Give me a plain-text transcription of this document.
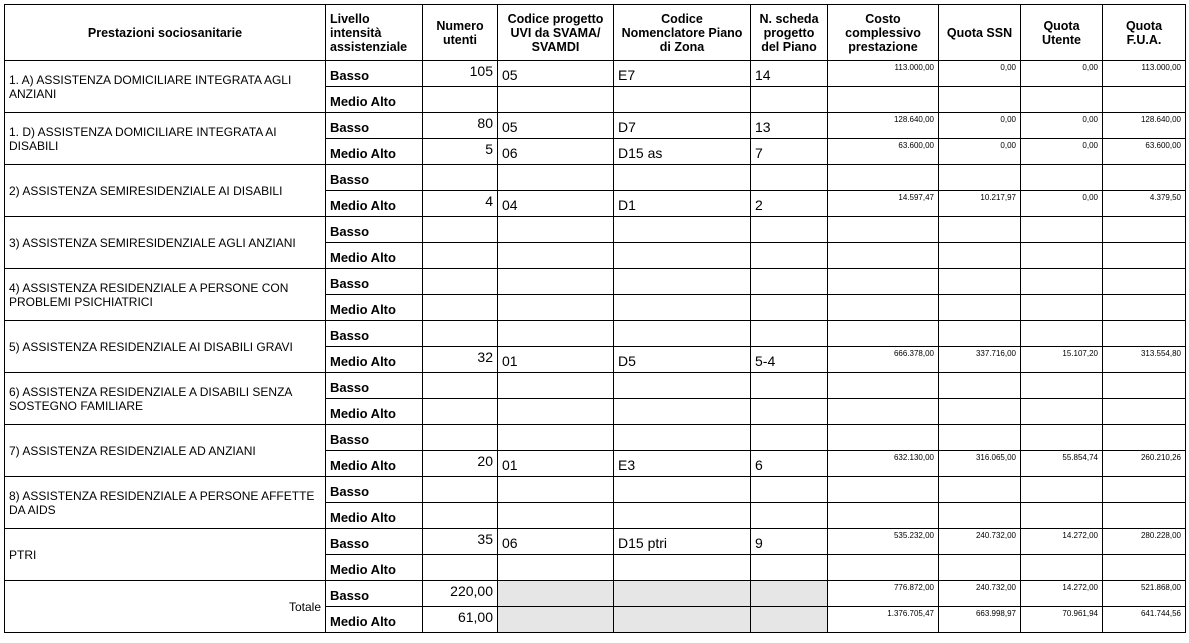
Prestazioni sociosanitarie	Livello intensità assistenziale	Numero utenti	Codice progetto UVI da SVAMA/ SVAMDI	Codice Nomenclatore Piano di Zona	N. scheda progetto del Piano	Costo complessivo prestazione	Quota SSN	Quota Utente	Quota F.U.A.
1. A) ASSISTENZA DOMICILIARE INTEGRATA AGLI ANZIANI	Basso	105	05	E7	14	113.000,00	0,00	0,00	113.000,00
	Medio Alto								
1. D) ASSISTENZA DOMICILIARE INTEGRATA AI DISABILI	Basso	80	05	D7	13	128.640,00	0,00	0,00	128.640,00
	Medio Alto	5	06	D15 as	7	63.600,00	0,00	0,00	63.600,00
2) ASSISTENZA SEMIRESIDENZIALE AI DISABILI	Basso								
	Medio Alto	4	04	D1	2	14.597,47	10.217,97	0,00	4.379,50
3) ASSISTENZA SEMIRESIDENZIALE AGLI ANZIANI	Basso								
	Medio Alto								
4) ASSISTENZA RESIDENZIALE A PERSONE CON PROBLEMI PSICHIATRICI	Basso								
	Medio Alto								
5) ASSISTENZA RESIDENZIALE AI DISABILI GRAVI	Basso								
	Medio Alto	32	01	D5	5-4	666.378,00	337.716,00	15.107,20	313.554,80
6) ASSISTENZA RESIDENZIALE A DISABILI SENZA SOSTEGNO FAMILIARE	Basso								
	Medio Alto								
7) ASSISTENZA RESIDENZIALE AD ANZIANI	Basso								
	Medio Alto	20	01	E3	6	632.130,00	316.065,00	55.854,74	260.210,26
8) ASSISTENZA RESIDENZIALE A PERSONE AFFETTE DA AIDS	Basso								
	Medio Alto								
PTRI	Basso	35	06	D15 ptri	9	535.232,00	240.732,00	14.272,00	280.228,00
	Medio Alto								
Totale	Basso	220,00				776.872,00	240.732,00	14.272,00	521.868,00
	Medio Alto	61,00				1.376.705,47	663.998,97	70.961,94	641.744,56
